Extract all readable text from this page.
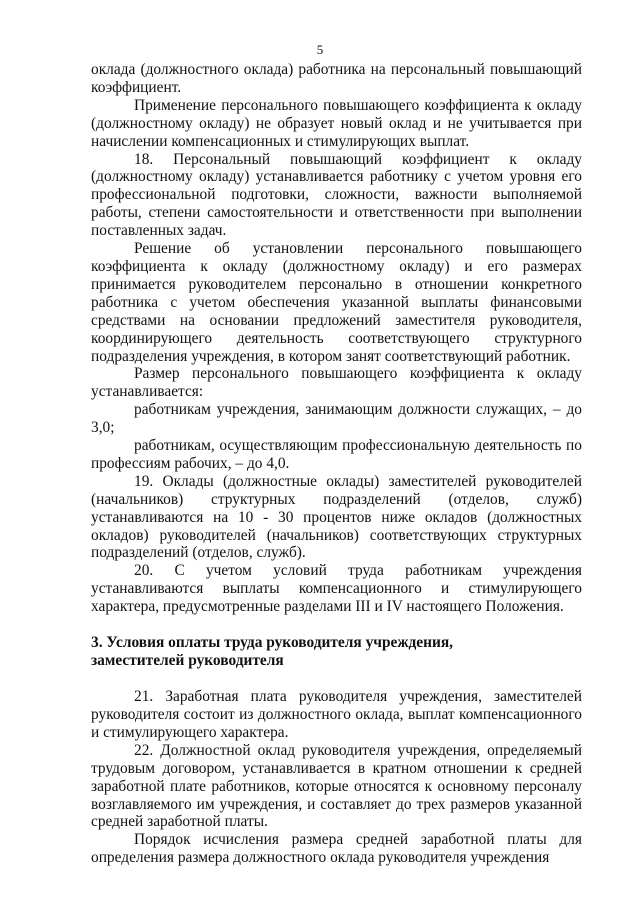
5

оклада (должностного оклада) работника на персональный повышающий коэффициент.

Применение персонального повышающего коэффициента к окладу (должностному окладу) не образует новый оклад и не учитывается при начислении компенсационных и стимулирующих выплат.

18. Персональный повышающий коэффициент к окладу (должностному окладу) устанавливается работнику с учетом уровня его профессиональной подготовки, сложности, важности выполняемой работы, степени самостоятельности и ответственности при выполнении поставленных задач.

Решение об установлении персонального повышающего коэффициента к окладу (должностному окладу) и его размерах принимается руководителем персонально в отношении конкретного работника с учетом обеспечения указанной выплаты финансовыми средствами на основании предложений заместителя руководителя, координирующего деятельность соответствующего структурного подразделения учреждения, в котором занят соответствующий работник.

Размер персонального повышающего коэффициента к окладу устанавливается:

работникам учреждения, занимающим должности служащих, – до 3,0;

работникам, осуществляющим профессиональную деятельность по профессиям рабочих, – до 4,0.

19. Оклады (должностные оклады) заместителей руководителей (начальников) структурных подразделений (отделов, служб) устанавливаются на 10 - 30 процентов ниже окладов (должностных окладов) руководителей (начальников) соответствующих структурных подразделений (отделов, служб).

20. С учетом условий труда работникам учреждения устанавливаются выплаты компенсационного и стимулирующего характера, предусмотренные разделами III и IV настоящего Положения.

3. Условия оплаты труда руководителя учреждения,
заместителей руководителя

21. Заработная плата руководителя учреждения, заместителей руководителя состоит из должностного оклада, выплат компенсационного и стимулирующего характера.

22. Должностной оклад руководителя учреждения, определяемый трудовым договором, устанавливается в кратном отношении к средней заработной плате работников, которые относятся к основному персоналу возглавляемого им учреждения, и составляет до трех размеров указанной средней заработной платы.

Порядок исчисления размера средней заработной платы для определения размера должностного оклада руководителя учреждения
